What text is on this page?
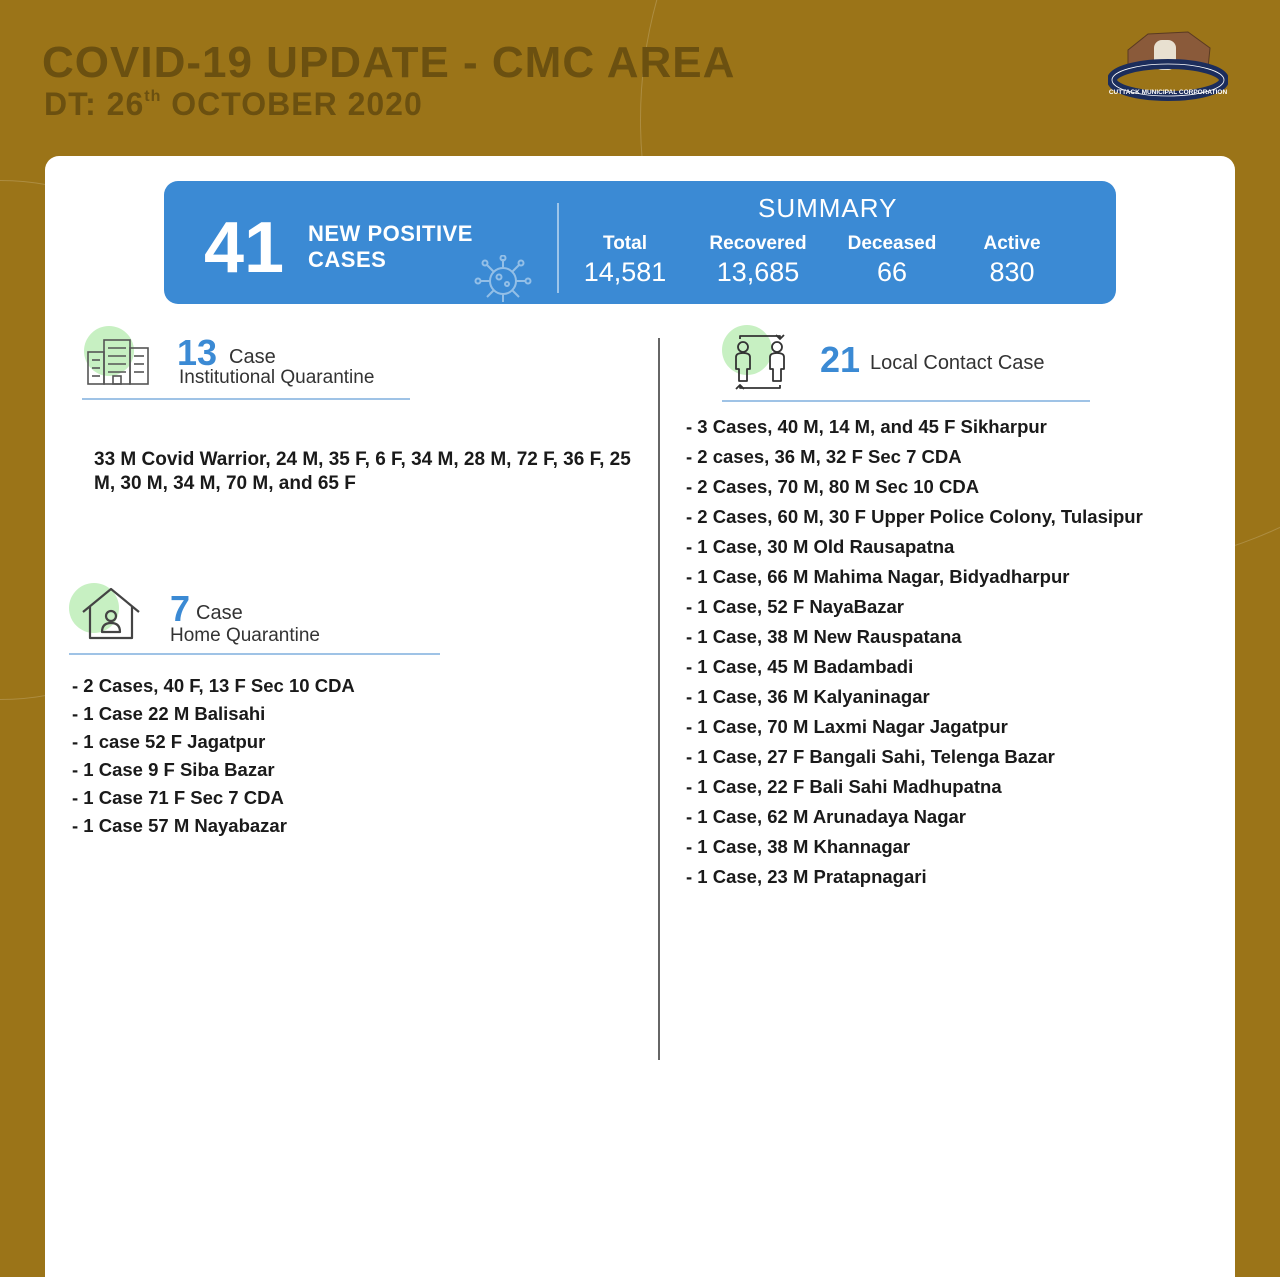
COVID-19 UPDATE - CMC AREA
DT: 26th OCTOBER 2020	CUTTACK MUNICIPAL CORPORATION
41 NEW POSITIVE CASES
SUMMARY
Total
14,581
Recovered
13,685
Deceased
66
Active
830
13 Case
Institutional Quarantine
33 M Covid Warrior, 24 M, 35 F, 6 F, 34 M, 28 M, 72 F, 36 F, 25 M, 30 M, 34 M, 70 M, and 65 F
7 Case
Home Quarantine
- 2 Cases, 40 F, 13 F Sec 10 CDA
- 1 Case 22 M Balisahi
- 1 case 52 F Jagatpur
- 1 Case 9 F Siba Bazar
- 1 Case 71 F Sec 7 CDA
- 1 Case 57 M Nayabazar
21 Local Contact Case
- 3 Cases, 40 M, 14 M, and 45 F Sikharpur
- 2 cases, 36 M, 32 F Sec 7 CDA
- 2 Cases, 70 M, 80 M Sec 10 CDA
- 2 Cases, 60 M, 30 F Upper Police Colony, Tulasipur
- 1 Case, 30 M Old Rausapatna
- 1 Case, 66 M Mahima Nagar, Bidyadharpur
- 1 Case, 52 F NayaBazar
- 1 Case, 38 M New Rauspatana
- 1 Case, 45 M Badambadi
- 1 Case, 36 M Kalyaninagar
- 1 Case, 70 M Laxmi Nagar Jagatpur
- 1 Case, 27 F Bangali Sahi, Telenga Bazar
- 1 Case, 22 F Bali Sahi Madhupatna
- 1 Case, 62 M Arunadaya Nagar
- 1 Case, 38 M Khannagar
- 1 Case, 23 M Pratapnagari
